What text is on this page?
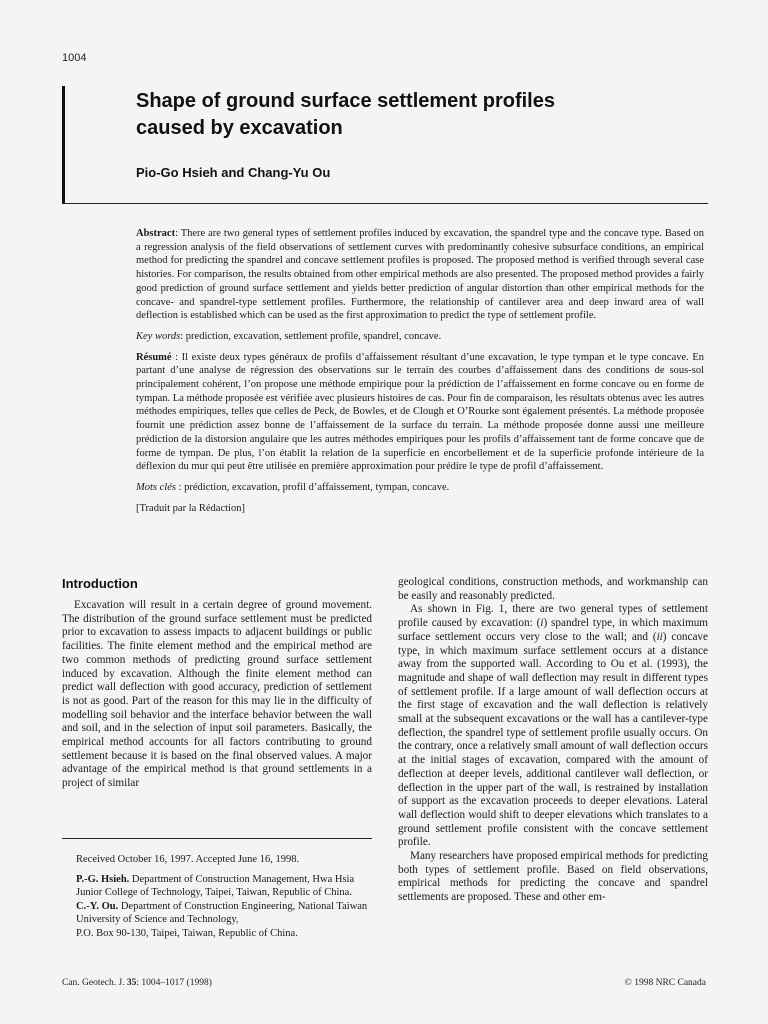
1004
Shape of ground surface settlement profiles
caused by excavation
Pio-Go Hsieh and Chang-Yu Ou

Abstract: There are two general types of settlement profiles induced by excavation, the spandrel type and the concave type. Based on a regression analysis of the field observations of settlement curves with predominantly cohesive subsurface conditions, an empirical method for predicting the spandrel and concave settlement profiles is proposed. The proposed method is verified through several case histories. For comparison, the results obtained from other empirical methods are also presented. The proposed method provides a fairly good prediction of ground surface settlement and yields better prediction of angular distortion than other empirical methods for the concave- and spandrel-type settlement profiles. Furthermore, the relationship of cantilever area and deep inward area of wall deflection is established which can be used as the first approximation to predict the type of settlement profile.

Key words: prediction, excavation, settlement profile, spandrel, concave.

Résumé : Il existe deux types généraux de profils d’affaissement résultant d’une excavation, le type tympan et le type concave. En partant d’une analyse de régression des observations sur le terrain des courbes d’affaissement dans des conditions de sous-sol principalement cohérent, l’on propose une méthode empirique pour la prédiction de l’affaissement en forme concave ou en forme de tympan. La méthode proposée est vérifiée avec plusieurs histoires de cas. Pour fin de comparaison, les résultats obtenus avec les autres méthodes empiriques, telles que celles de Peck, de Bowles, et de Clough et O’Rourke sont également présentés. La méthode proposée fournit une prédiction assez bonne de l’affaissement de la surface du terrain. La méthode proposée donne aussi une meilleure prédiction de la distorsion angulaire que les autres méthodes empiriques pour les profils d’affaissement tant de forme concave que de forme de tympan. De plus, l’on établit la relation de la superficie en encorbellement et de la superficie profonde intérieure de la déflexion du mur qui peut être utilisée en première approximation pour prédire le type de profil d’affaissement.

Mots clés : prédiction, excavation, profil d’affaissement, tympan, concave.

[Traduit par la Rédaction]

Introduction

Excavation will result in a certain degree of ground movement. The distribution of the ground surface settlement must be predicted prior to excavation to assess impacts to adjacent buildings or public facilities. The finite element method and the empirical method are two common methods of predicting ground surface settlement induced by excavation. Although the finite element method can predict wall deflection with good accuracy, prediction of settlement is not as good. Part of the reason for this may lie in the difficulty of modelling soil behavior and the interface behavior between the wall and soil, and in the selection of input soil parameters. Basically, the empirical method accounts for all factors contributing to ground settlement because it is based on the final observed values. A major advantage of the empirical method is that ground settlements in a project of similar

geological conditions, construction methods, and workmanship can be easily and reasonably predicted.

As shown in Fig. 1, there are two general types of settlement profile caused by excavation: (i) spandrel type, in which maximum surface settlement occurs very close to the wall; and (ii) concave type, in which maximum surface settlement occurs at a distance away from the supported wall. According to Ou et al. (1993), the magnitude and shape of wall deflection may result in different types of settlement profile. If a large amount of wall deflection occurs at the first stage of excavation and the wall deflection is relatively small at the subsequent excavations or the wall has a cantilever-type deflection, the spandrel type of settlement profile usually occurs. On the contrary, once a relatively small amount of wall deflection occurs at the initial stages of excavation, compared with the amount of deflection at deeper levels, additional cantilever wall deflection, or deflection in the upper part of the wall, is restrained by installation of support as the excavation proceeds to deeper elevations. Lateral wall deflection would shift to deeper elevations which translates to a ground settlement profile consistent with the concave settlement profile.

Many researchers have proposed empirical methods for predicting both types of settlement profile. Based on field observations, empirical methods for predicting the concave and spandrel settlements are proposed. These and other em-

Received October 16, 1997. Accepted June 16, 1998.

P.-G. Hsieh. Department of Construction Management, Hwa Hsia Junior College of Technology, Taipei, Taiwan, Republic of China.

C.-Y. Ou. Department of Construction Engineering, National Taiwan University of Science and Technology,

P.O. Box 90-130, Taipei, Taiwan, Republic of China.

Can. Geotech. J. 35: 1004–1017 (1998)	© 1998 NRC Canada
